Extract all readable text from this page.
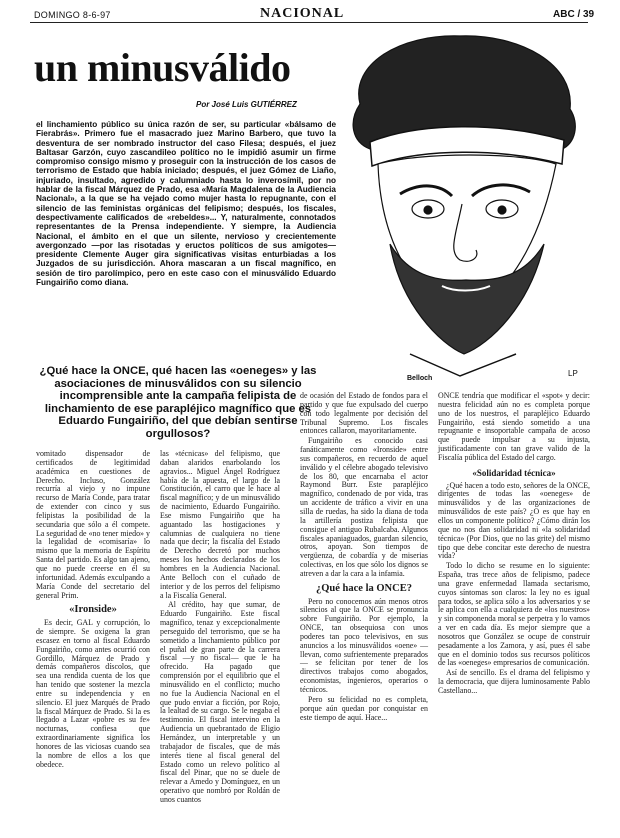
DOMINGO 8-6-97	NACIONAL	ABC / 39
un minusválido
Por José Luis GUTIÉRREZ

el linchamiento público su única razón de ser, su particular «bálsamo de Fierabrás». Primero fue el masacrado juez Marino Barbero, que tuvo la desventura de ser nombrado instructor del caso Filesa; después, el juez Baltasar Garzón, cuyo zascandileo político no le impidió asumir un firme compromiso consigo mismo y proseguir con la instrucción de los casos de terrorismo de Estado que había iniciado; después, el juez Gómez de Liaño, injuriado, insultado, agredido y calumniado hasta lo inverosímil, por no hablar de la fiscal Márquez de Prado, esa «María Magdalena de la Audiencia Nacional», a la que se ha vejado como mujer hasta lo repugnante, con el silencio de las feministas orgánicas del felipismo; después, los fiscales, despectivamente calificados de «rebeldes»... Y, naturalmente, connotados representantes de la Prensa independiente. Y siempre, la Audiencia Nacional, el ámbito en el que un silente, nervioso y crecientemente avergonzado —por las risotadas y eructos políticos de sus amigotes— presidente Clemente Auger gira significativas visitas enturbiadas a los Juzgados de su jurisdicción. Ahora mascaran a un fiscal magnífico, en sesión de tiro parolímpico, pero en este caso con el minusválido Eduardo Fungairiño como diana.

LP
Belloch
¿Qué hace la ONCE, qué hacen las «oeneges» y las asociaciones de minusválidos con su silencio incomprensible ante la campaña felipista de linchamiento de ese parapléjico magnífico que es Eduardo Fungairiño, del que debían sentirse orgullosos?

vomitado dispensador de certificados de legitimidad académica en cuestiones de Derecho. Incluso, González recurría al viejo y no impune recurso de María Conde, para tratar de extender con cinco y sus felipistas la posibilidad de la secundaria que sólo a él compete. La seguridad de «no tener miedo» y la legalidad de «comisaría» lo mismo que la memoria de Espíritu Santa del partido. Es algo tan ajeno, que no puede creerse en él su infortunidad. Además exculpando a María Conde del secretario del general Prim.

«Ironside»

Es decir, GAL y corrupción, lo de siempre. Se oxigena la gran escasez en torno al fiscal Eduardo Fungairiño, como antes ocurrió con Gordillo, Márquez de Prado y demás compañeros díscolos, que sea una rendida cuenta de los que han tenido que sostener la mezcla entre su independencia y en silencio. El juez Marqués de Prado la fiscal Márquez de Prado. Si la es llegado a Lazar «pobre es su fe» nocturnas, confiesa que extraordinariamente significa los honores de las viciosas cuando sea la nombre de ellos a los que obedece.

las «técnicas» del felipismo, que daban alaridos enarbolando los agravios... Miguel Ángel Rodríguez había de la apuesta, el largo de la Constitución, el carro que le hace al fiscal magnífico; y de un minusválido de nacimiento, Eduardo Fungairiño. Ese mismo Fungairiño que ha aguantado las hostigaciones y calumnias de cualquiera no tiene nada que decir; la fiscalía del Estado de Derecho decretó por muchos meses los hechos declarados de los hombres en la Audiencia Nacional. Ante Belloch con el cuñado de interior y de los perros del felipismo a la Fiscalía General.

Al crédito, hay que sumar, de Eduardo Fungairiño. Este fiscal magnífico, tenaz y excepcionalmente perseguido del terrorismo, que se ha sometido a linchamiento público por el puñal de gran parte de la carrera fiscal —y no fiscal— que le ha ofrecido. Ha pagado que comprensión por el equilibrio que el minusválido en el conflicto; mucho no fue la Audiencia Nacional en el que pudo enviar a ficción, por Rojo, la lealtad de su cargo. Se le negaba el testimonio. El fiscal intervino en la Audiencia un quebrantado de Eligio Hernández, un interpretable y un trabajador de fiscales, que de más interés tiene al fiscal general del Estado como un relevo político al fiscal del Pinar, que no se duele de relevar a Amedo y Domínguez, en un operativo que nombró por Roldán de unos cuantos

de ocasión del Estado de fondos para el partido y que fue expulsado del cuerpo con todo legalmente por decisión del Tribunal Supremo. Los fiscales entonces callaron, mayoritariamente.

Fungairiño es conocido casi fanáticamente como «Ironside» entre sus compañeros, en recuerdo de aquel inválido y el célebre abogado televisivo de los 80, que encarnaba el actor Raymond Burr. Este parapléjico magnífico, condenado de por vida, tras un accidente de tráfico a vivir en una silla de ruedas, ha sido la diana de toda la artillería postiza felipista que consigue el antiguo Rubalcaba. Algunos fiscales apaniaguados, guardan silencio, otros, apoyan. Son tiempos de vergüenza, de cobardía y de miserias colectivas, en los que sólo los dignos se atreven a dar la cara a la infamia.

¿Qué hace la ONCE?

Pero no conocemos aún menos otros silencios al que la ONCE se pronuncia sobre Fungairiño. Por ejemplo, la ONCE, tan obsequiosa con unos poderes tan poco televisivos, en sus anuncios a los minusválidos «oene» —llevan, como sufrientemente preparados— se felicitan por tener de los directivos trabajos como abogados, economistas, ingenieros, operarios o técnicos.

Pero su felicidad no es completa, porque aún quedan por conquistar en este tiempo de aquí. Hace...

ONCE tendría que modificar el «spot» y decir: nuestra felicidad aún no es completa porque uno de los nuestros, el parapléjico Eduardo Fungairiño, está siendo sometido a una repugnante e insoportable campaña de acoso que puede impulsar a su injusta, justificadamente con tan grave valido de la Fiscalía pública del Estado del cargo.

«Solidaridad técnica»

¿Qué hacen a todo esto, señores de la ONCE, dirigentes de todas las «oeneges» de minusválidos y de las organizaciones de minusválidos de este país? ¿O es que hay en ellos un componente político? ¿Cómo dirán los que no nos dan solidaridad ni «la solidaridad técnica» (Por Dios, que no las grite) del mismo tipo que debe concitar este derecho de nuestra vida?

Todo lo dicho se resume en lo siguiente: España, tras trece años de felipismo, padece una grave enfermedad llamada sectarismo, cuyos síntomas son claros: la ley no es igual para todos, se aplica sólo a los adversarios y se le aplica con ella a cualquiera de «los nuestros» y sin componenda moral se perpetra y lo vamos a ver en cada día. Es mejor siempre que a nosotros que González se ocupe de construir pesadamente a los Zamora, y así, pues él sabe que en el dominio todos sus recursos políticos de las «oeneges» empresarios de comunicación.

Así de sencillo. Es el drama del felipismo y la democracia, que dijera luminosamente Pablo Castellano...
